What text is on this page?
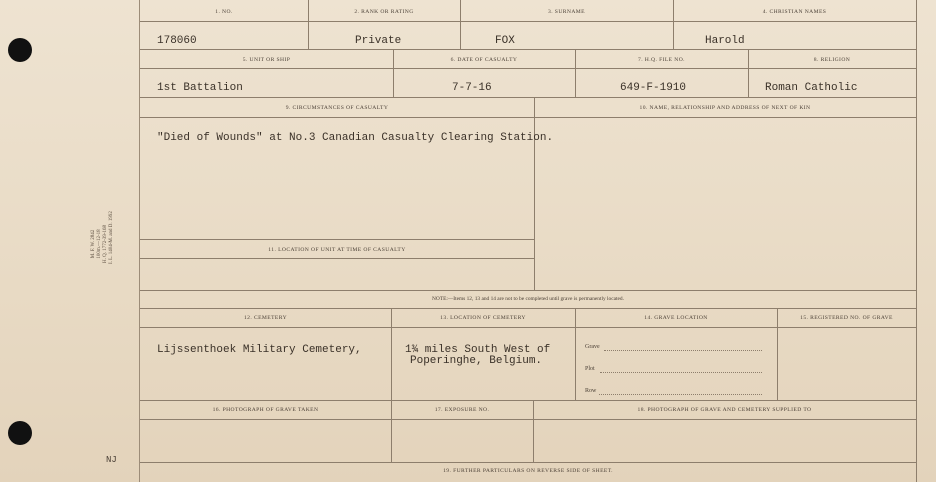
M. F. W. 2842 100m.—12-18 H. Q. 1772-39-168 I. L. 1404-M. and D. 1992
NJ
1. NO.	2. RANK OR RATING	3. SURNAME	4. CHRISTIAN NAMES
178060	Private	FOX	Harold
5. UNIT OR SHIP	6. DATE OF CASUALTY	7. H.Q. FILE NO.	8. RELIGION
1st Battalion	7-7-16	649-F-1910	Roman Catholic
9. CIRCUMSTANCES OF CASUALTY	10. NAME, RELATIONSHIP AND ADDRESS OF NEXT OF KIN
"Died of Wounds" at No.3 Canadian Casualty Clearing Station.
11. LOCATION OF UNIT AT TIME OF CASUALTY
NOTE:—Items 12, 13 and 14 are not to be completed until grave is permanently located.
12. CEMETERY	13. LOCATION OF CEMETERY	14. GRAVE LOCATION	15. REGISTERED NO. OF GRAVE
Lijssenthoek Military Cemetery,	1¾ miles South West of
Poperinghe, Belgium.
Grave
Plot
Row
16. PHOTOGRAPH OF GRAVE TAKEN	17. EXPOSURE NO.	18. PHOTOGRAPH OF GRAVE AND CEMETERY SUPPLIED TO
19. FURTHER PARTICULARS ON REVERSE SIDE OF SHEET.
